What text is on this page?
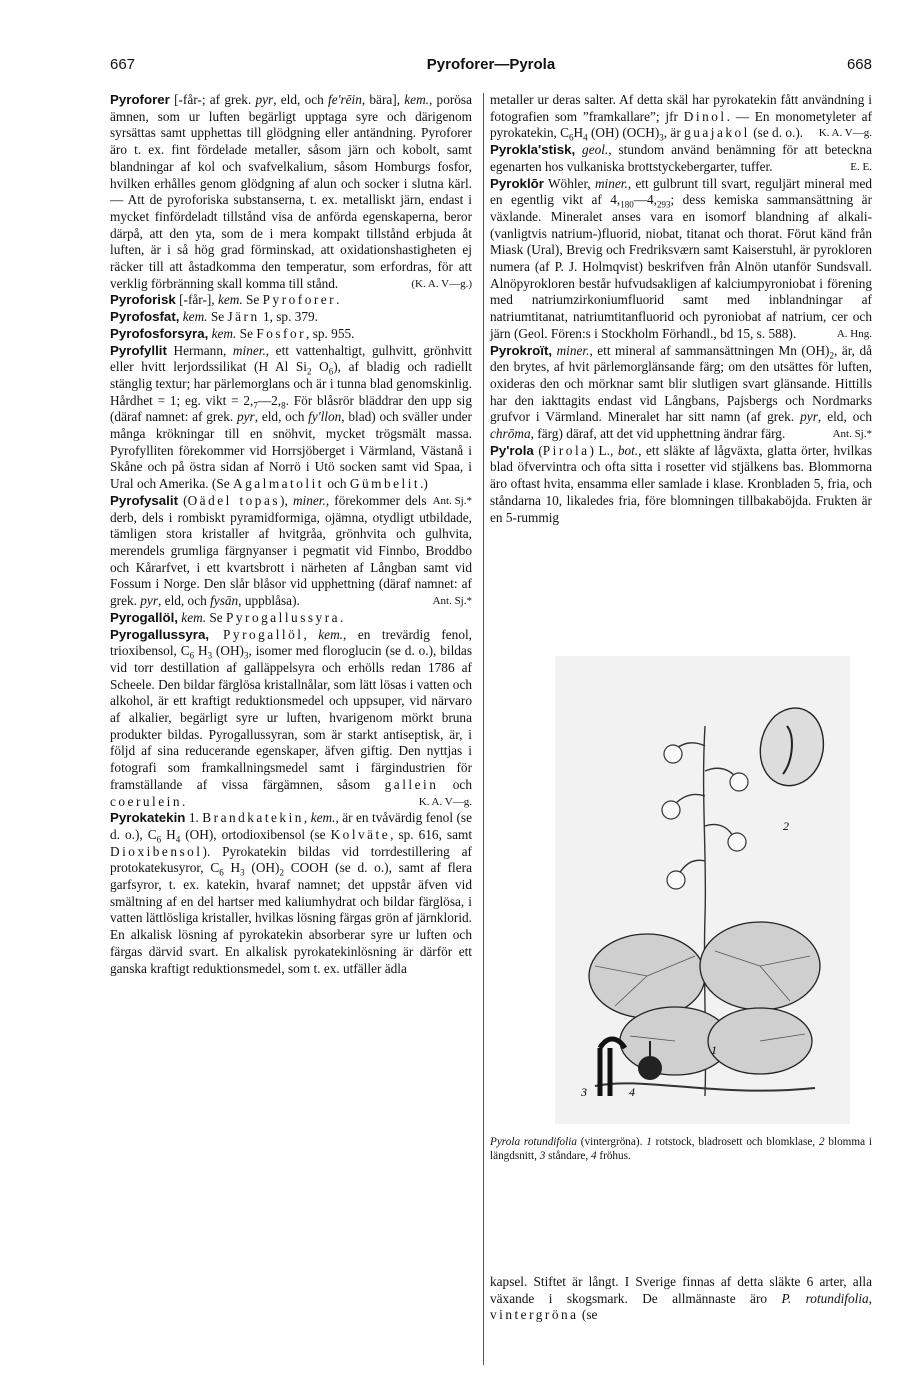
667	Pyroforer—Pyrola	668

Pyroforer [-får-; af grek. pyr, eld, och fe'rēin, bära], kem., porösa ämnen, som ur luften begärligt upptaga syre och därigenom syrsättas samt upphettas till glödgning eller antändning. Pyroforer äro t. ex. fint fördelade metaller, såsom järn och kobolt, samt blandningar af kol och svafvelkalium, såsom Homburgs fosfor, hvilken erhålles genom glödgning af alun och socker i slutna kärl. — Att de pyroforiska substanserna, t. ex. metalliskt järn, endast i mycket finfördeladt tillstånd visa de anförda egenskaperna, beror därpå, att den yta, som de i mera kompakt tillstånd erbjuda åt luften, är i så hög grad förminskad, att oxidationshastigheten ej räcker till att åstadkomma den temperatur, som erfordras, för att verklig förbränning skall komma till stånd.	(K. A. V—g.)

Pyroforisk [-får-], kem. Se Pyroforer.

Pyrofosfat, kem. Se Järn 1, sp. 379.

Pyrofosforsyra, kem. Se Fosfor, sp. 955.

Pyrofyllit Hermann, miner., ett vattenhaltigt, gulhvitt, grönhvitt eller hvitt lerjordssilikat (H Al $Si_2$ $O_6$), af bladig och radiellt stänglig textur; har pärlemorglans och är i tunna blad genomskinlig. Hårdhet = 1; eg. vikt = $2,_7—2,_8$. För blåsrör bläddrar den upp sig (däraf namnet: af grek. pyr, eld, och fy'llon, blad) och sväller under många krökningar till en snöhvit, mycket trögsmält massa. Pyrofylliten förekommer vid Horrsjöberget i Värmland, Västanå i Skåne och på östra sidan af Norrö i Utö socken samt vid Spaa, i Ural och Amerika. (Se Agalmatolit och Gümbelit.)
Ant. Sj.*

Pyrofysalit (Oädel topas), miner., förekommer dels derb, dels i rombiskt pyramidformiga, ojämna, otydligt utbildade, tämligen stora kristaller af hvitgråa, grönhvita och gulhvita, merendels grumliga färgnyanser i pegmatit vid Finnbo, Broddbo och Kårarfvet, i ett kvartsbrott i närheten af Långban samt vid Fossum i Norge. Den slår blåsor vid upphettning (däraf namnet: af grek. pyr, eld, och fysān, uppblåsa).	Ant. Sj.*

Pyrogallöl, kem. Se Pyrogallussyra.

Pyrogallussyra, Pyrogallöl, kem., en trevärdig fenol, trioxibensol, $C_6$ $H_3$ $(OH)_3$, isomer med floroglucin (se d. o.), bildas vid torr destillation af galläppelsyra och erhölls redan 1786 af Scheele. Den bildar färglösa kristallnålar, som lätt lösas i vatten och alkohol, är ett kraftigt reduktionsmedel och uppsuper, vid närvaro af alkalier, begärligt syre ur luften, hvarigenom mörkt bruna produkter bildas. Pyrogallussyran, som är starkt antiseptisk, är, i följd af sina reducerande egenskaper, äfven giftig. Den nyttjas i fotografi som framkallningsmedel samt i färgindustrien för framställande af vissa färgämnen, såsom gallein och coerulein.	K. A. V—g.

Pyrokatekin 1. Brandkatekin, kem., är en tvåvärdig fenol (se d. o.), $C_6$ $H_4$ (OH), ortodioxibensol (se Kolväte, sp. 616, samt Dioxibensol). Pyrokatekin bildas vid torrdestillering af protokatekusyror, $C_6$ $H_3$ $(OH)_2$ COOH (se d. o.), samt af flera garfsyror, t. ex. katekin, hvaraf namnet; det uppstår äfven vid smältning af en del hartser med kaliumhydrat och bildar färglösa, i vatten lättlösliga kristaller, hvilkas lösning färgas grön af järnklorid. En alkalisk lösning af pyrokatekin absorberar syre ur luften och färgas därvid svart. En alkalisk pyrokatekinlösning är därför ett ganska kraftigt reduktionsmedel, som t. ex. utfäller ädla

metaller ur deras salter. Af detta skäl har pyrokatekin fått användning i fotografien som ”framkallare”; jfr Dinol. — En monometyleter af pyrokatekin, $C_6H_4$ (OH) $(OCH)_3$, är guajakol (se d. o.).	K. A. V—g.

Pyrokla'stisk, geol., stundom använd benämning för att beteckna egenarten hos vulkaniska brottstyckebergarter, tuffer.	E. E.

Pyroklōr Wöhler, miner., ett gulbrunt till svart, reguljärt mineral med en egentlig vikt af $4,_{180}—4,_{293}$; dess kemiska sammansättning är växlande. Mineralet anses vara en isomorf blandning af alkali-(vanligtvis natrium-)fluorid, niobat, titanat och thorat. Förut känd från Miask (Ural), Brevig och Fredriksværn samt Kaiserstuhl, är pyrokloren numera (af P. J. Holmqvist) beskrifven från Alnön utanför Sundsvall. Alnöpyrokloren består hufvudsakligen af kalciumpyroniobat i förening med natriumzirkoniumfluorid samt med inblandningar af natriumtitanat, natriumtitanfluorid och pyroniobat af natrium, cer och järn (Geol. Fören:s i Stockholm Förhandl., bd 15, s. 588).	A. Hng.

Pyrokroït, miner., ett mineral af sammansättningen Mn $(OH)_2$, är, då den brytes, af hvit pärlemorglänsande färg; om den utsättes för luften, oxideras den och mörknar samt blir slutligen svart glänsande. Hittills har den iakttagits endast vid Långbans, Pajsbergs och Nordmarks grufvor i Värmland. Mineralet har sitt namn (af grek. pyr, eld, och chrōma, färg) däraf, att det vid upphettning ändrar färg.	Ant. Sj.*

Py'rola (Pirola) L., bot., ett släkte af lågväxta, glatta örter, hvilkas blad öfvervintra och ofta sitta i rosetter vid stjälkens bas. Blommorna äro oftast hvita, ensamma eller samlade i klase. Kronbladen 5, fria, och ståndarna 10, likaledes fria, före blomningen tillbakaböjda. Frukten är en 5-rummig

1
2
3	4
Pyrola rotundifolia (vintergröna). 1 rotstock, bladrosett och blomklase, 2 blomma i längdsnitt, 3 ståndare, 4 fröhus.

kapsel. Stiftet är långt. I Sverige finnas af detta släkte 6 arter, alla växande i skogsmark. De allmännaste äro P. rotundifolia, vintergröna (se
